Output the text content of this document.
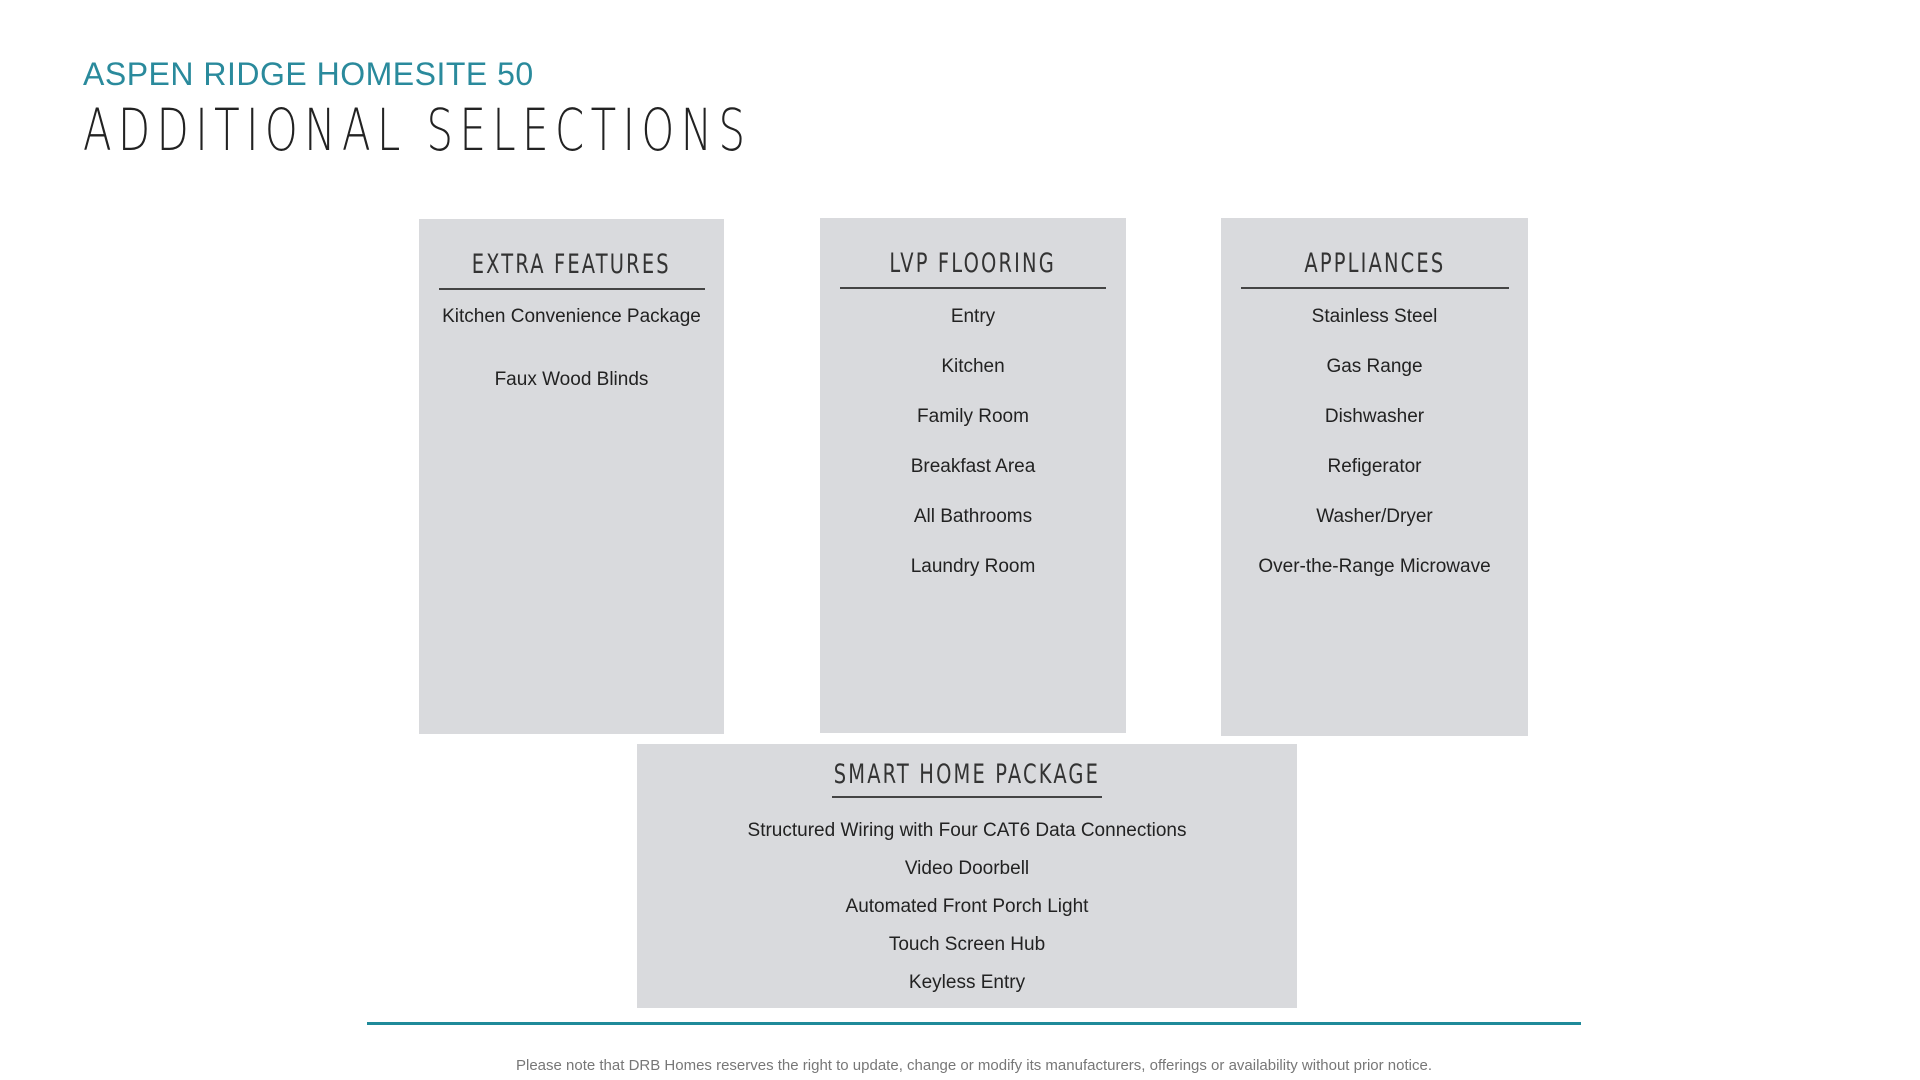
ASPEN RIDGE HOMESITE 50
ADDITIONAL SELECTIONS
EXTRA FEATURES
Kitchen Convenience Package
Faux Wood Blinds
LVP FLOORING
Entry
Kitchen
Family Room
Breakfast Area
All Bathrooms
Laundry Room
APPLIANCES
Stainless Steel
Gas Range
Dishwasher
Refigerator
Washer/Dryer
Over-the-Range Microwave
SMART HOME PACKAGE
Structured Wiring with Four CAT6 Data Connections
Video Doorbell
Automated Front Porch Light
Touch Screen Hub
Keyless Entry

Please note that DRB Homes reserves the right to update, change or modify its manufacturers, offerings or availability without prior notice.
